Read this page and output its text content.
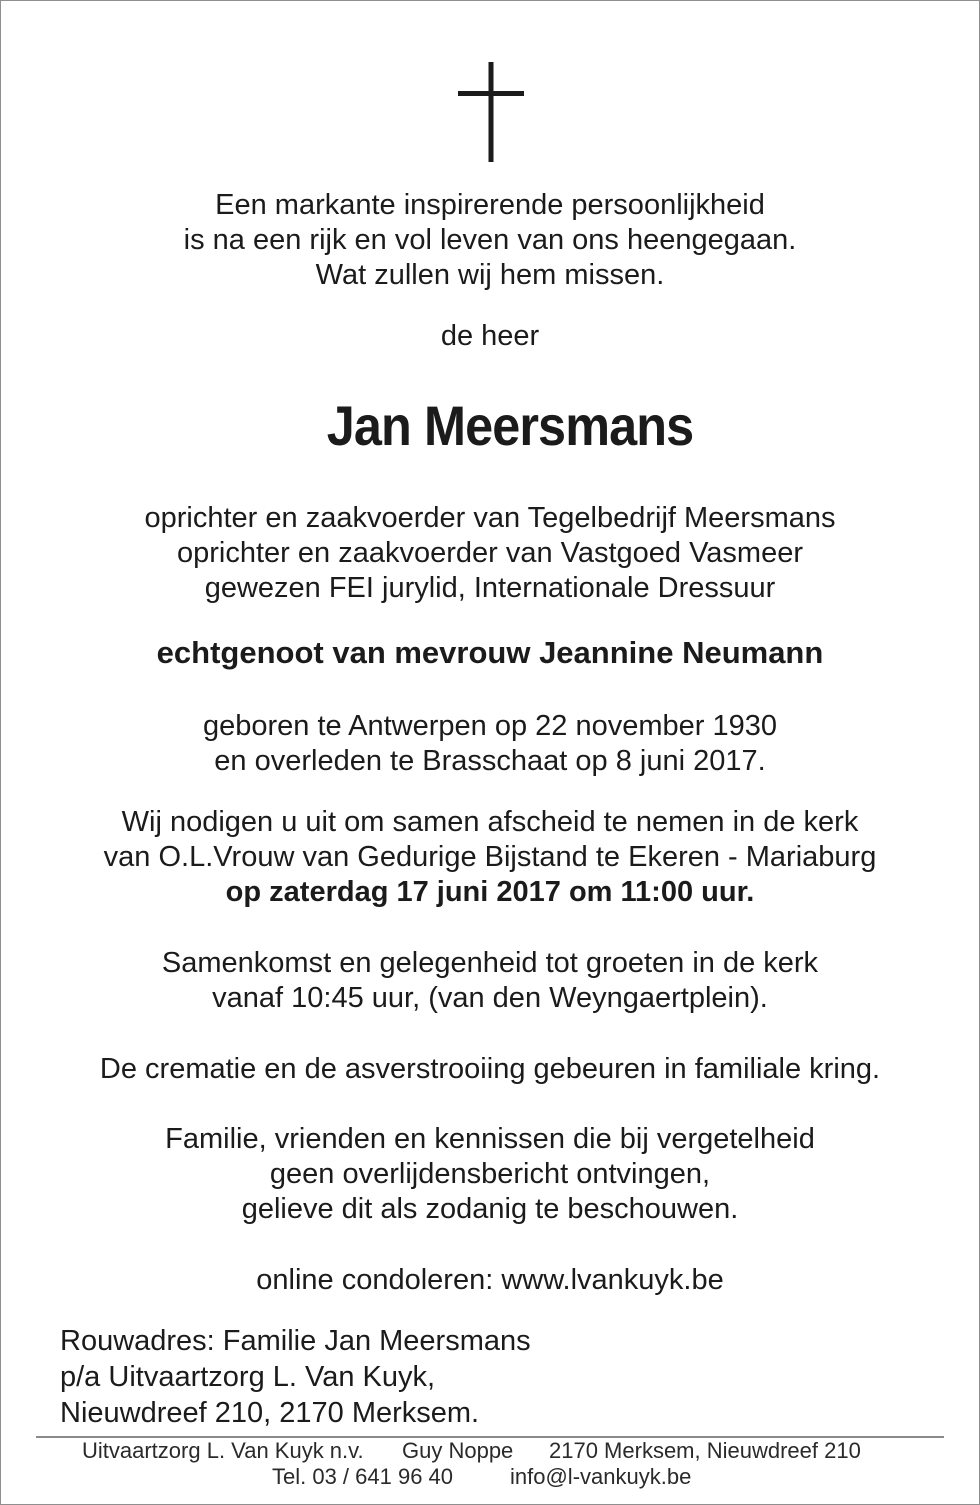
Een markante inspirerende persoonlijkheid
is na een rijk en vol leven van ons heengegaan.
Wat zullen wij hem missen.
de heer
Jan Meersmans
oprichter en zaakvoerder van Tegelbedrijf Meersmans
oprichter en zaakvoerder van Vastgoed Vasmeer
gewezen FEI jurylid, Internationale Dressuur
echtgenoot van mevrouw Jeannine Neumann
geboren te Antwerpen op 22 november 1930
en overleden te Brasschaat op 8 juni 2017.
Wij nodigen u uit om samen afscheid te nemen in de kerk
van O.L.Vrouw van Gedurige Bijstand te Ekeren - Mariaburg
op zaterdag 17 juni 2017 om 11:00 uur.
Samenkomst en gelegenheid tot groeten in de kerk
vanaf 10:45 uur, (van den Weyngaertplein).
De crematie en de asverstrooiing gebeuren in familiale kring.
Familie, vrienden en kennissen die bij vergetelheid
geen overlijdensbericht ontvingen,
gelieve dit als zodanig te beschouwen.
online condoleren: www.lvankuyk.be
Rouwadres: Familie Jan Meersmans
p/a Uitvaartzorg L. Van Kuyk,
Nieuwdreef 210, 2170 Merksem.
Uitvaartzorg L. Van Kuyk n.v. Guy Noppe 2170 Merksem, Nieuwdreef 210
Tel. 03 / 641 96 40	info@l-vankuyk.be
